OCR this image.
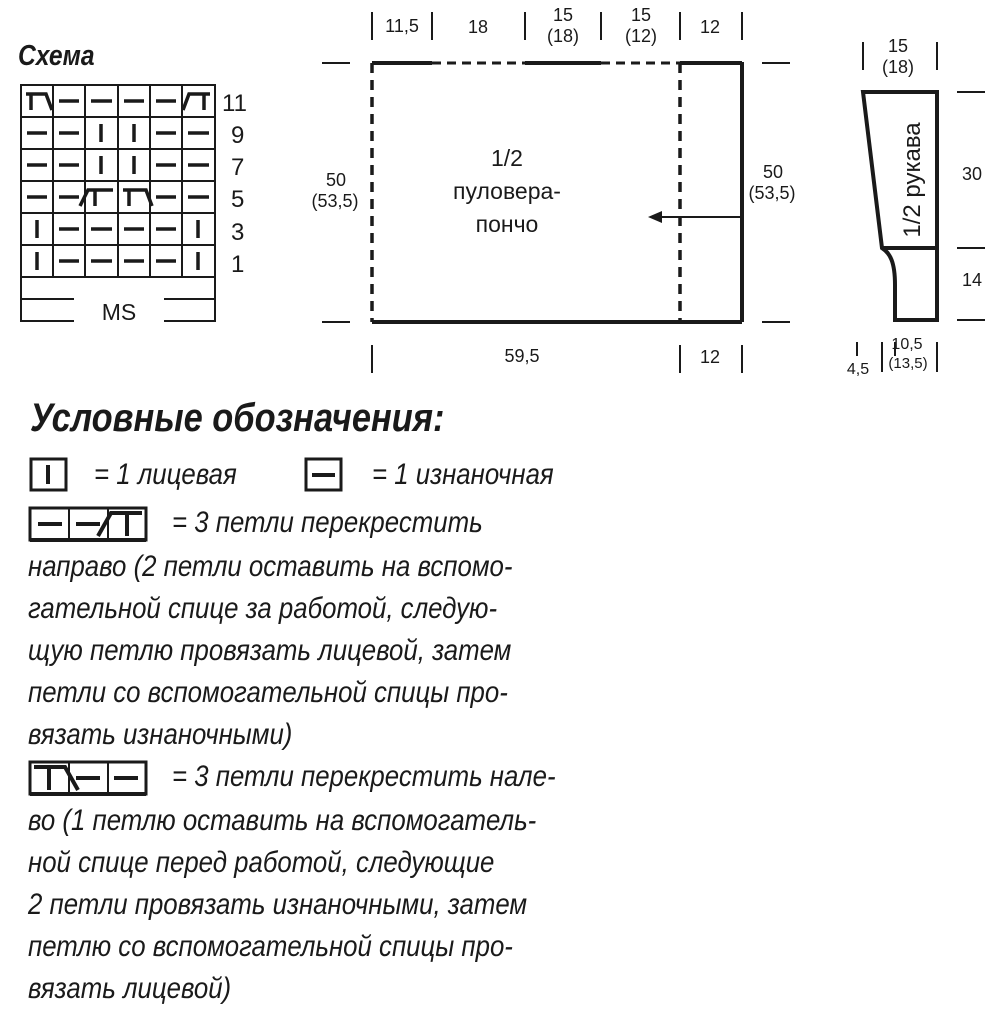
Схема
MS
11
9
7
5
3
1
11,5	18
15
(18)
15
(12) 12
50
(53,5)
50
(53,5)
59,5	12
1/2
пуловера-
пончо
15
(18)
30
14
10,5
(13,5)
4,5
1/2 рукава
Условные обозначения:
= 1 лицевая	= 1 изнаночная
= 3 петли перекрестить
направо (2 петли оставить на вспомо-
гательной спице за работой, следую-
щую петлю провязать лицевой, затем
петли со вспомогательной спицы про-
вязать изнаночными)
= 3 петли перекрестить нале-
во (1 петлю оставить на вспомогатель-
ной спице перед работой, следующие
2 петли провязать изнаночными, затем
петлю со вспомогательной спицы про-
вязать лицевой)
